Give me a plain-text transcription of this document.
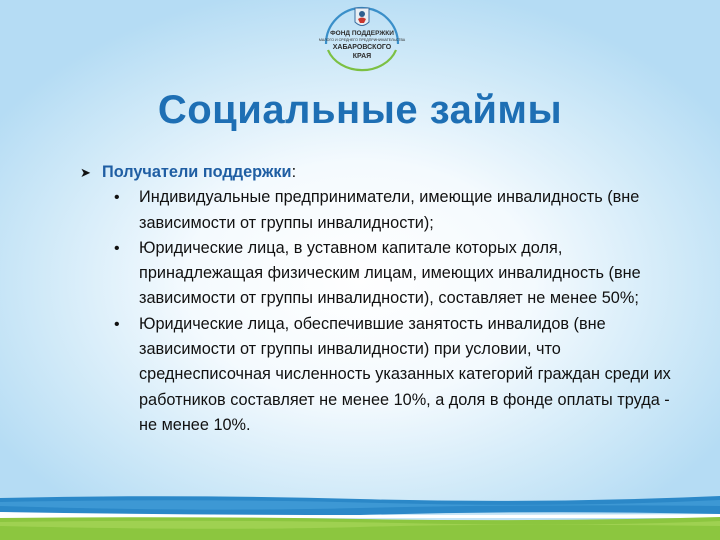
ФОНД ПОДДЕРЖКИ
МАЛОГО И СРЕДНЕГО ПРЕДПРИНИМАТЕЛЬСТВА
ХАБАРОВСКОГО
КРАЯ
Социальные займы
➤ Получатели поддержки:
• Индивидуальные предприниматели, имеющие инвалидность (вне зависимости от группы инвалидности);
• Юридические лица, в уставном капитале которых доля, принадлежащая физическим лицам, имеющих инвалидность (вне зависимости от группы инвалидности), составляет не менее 50%;
• Юридические лица, обеспечившие занятость инвалидов (вне зависимости от группы инвалидности) при условии, что среднесписочная численность указанных категорий граждан среди их работников составляет не менее 10%, а доля в фонде оплаты труда - не менее 10%.
